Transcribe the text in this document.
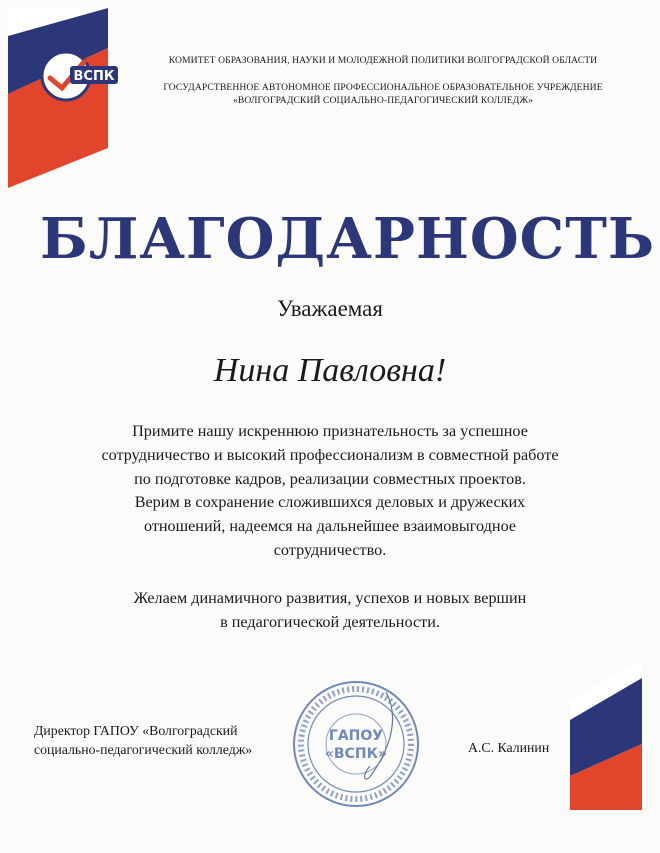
ВСПК
КОМИТЕТ ОБРАЗОВАНИЯ, НАУКИ И МОЛОДЕЖНОЙ ПОЛИТИКИ ВОЛГОГРАДСКОЙ ОБЛАСТИ
ГОСУДАРСТВЕННОЕ АВТОНОМНОЕ ПРОФЕССИОНАЛЬНОЕ ОБРАЗОВАТЕЛЬНОЕ УЧРЕЖДЕНИЕ
«ВОЛГОГРАДСКИЙ СОЦИАЛЬНО-ПЕДАГОГИЧЕСКИЙ КОЛЛЕДЖ»
БЛАГОДАРНОСТЬ
Уважаемая
Нина Павловна!
Примите нашу искреннюю признательность за успешное
сотрудничество и высокий профессионализм в совместной работе
по подготовке кадров, реализации совместных проектов.
Верим в сохранение сложившихся деловых и дружеских
отношений, надеемся на дальнейшее взаимовыгодное
сотрудничество.
Желаем динамичного развития, успехов и новых вершин
в педагогической деятельности.
Директор ГАПОУ «Волгоградский
социально-педагогический колледж»
ГАПОУ
«ВСПК»	А.С. Калинин
